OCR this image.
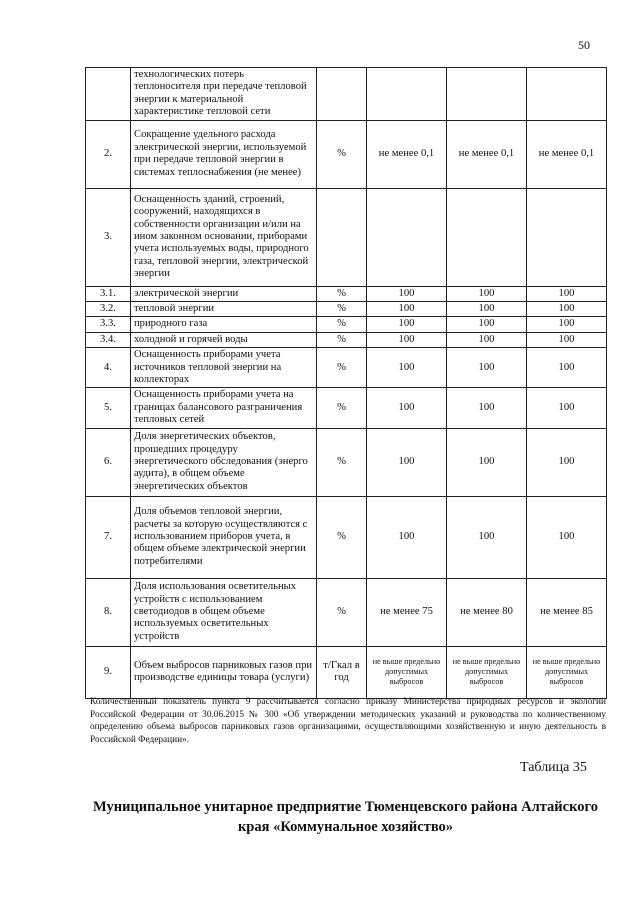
50
	технологических потерь теплоносителя при передаче тепловой энергии к материальной характеристике тепловой сети				
2.	Сокращение удельного расхода электрической энергии, используемой при передаче тепловой энергии в системах теплоснабжения (не менее)	%	не менее 0,1	не менее 0,1	не менее 0,1
3.	Оснащенность зданий, строений, сооружений, находящихся в собственности организации и/или на ином законном основании, приборами учета используемых воды, природного газа, тепловой энергии, электрической энергии				
3.1.	электрической энергии	%	100	100	100
3.2.	тепловой энергии	%	100	100	100
3.3.	природного газа	%	100	100	100
3.4.	холодной и горячей воды	%	100	100	100
4.	Оснащенность приборами учета источников тепловой энергии на коллекторах	%	100	100	100
5.	Оснащенность приборами учета на границах балансового разграничения тепловых сетей	%	100	100	100
6.	Доля энергетических объектов, прошедших процедуру энергетического обследования (энерго аудита), в общем объеме энергетических объектов	%	100	100	100
7.	Доля объемов тепловой энергии, расчеты за которую осуществляются с использованием приборов учета, в общем объеме электрической энергии потребителями	%	100	100	100
8.	Доля использования осветительных устройств с использованием светодиодов в общем объеме используемых осветительных устройств	%	не менее 75	не менее 80	не менее 85
9.	Объем выбросов парниковых газов при производстве единицы товара (услуги)	т/Гкал в год	не выше предельно допустимых выбросов	не выше предельно допустимых выбросов	не выше предельно допустимых выбросов
Количественный показатель пункта 9 рассчитывается согласно приказу Министерства природных ресурсов и экологии Российской Федерации от 30.06.2015 № 300 «Об утверждении методических указаний и руководства по количественному определению объема выбросов парниковых газов организациями, осуществляющими хозяйственную и иную деятельность в Российской Федерации».
Таблица 35
Муниципальное унитарное предприятие Тюменцевского района Алтайского края «Коммунальное хозяйство»
